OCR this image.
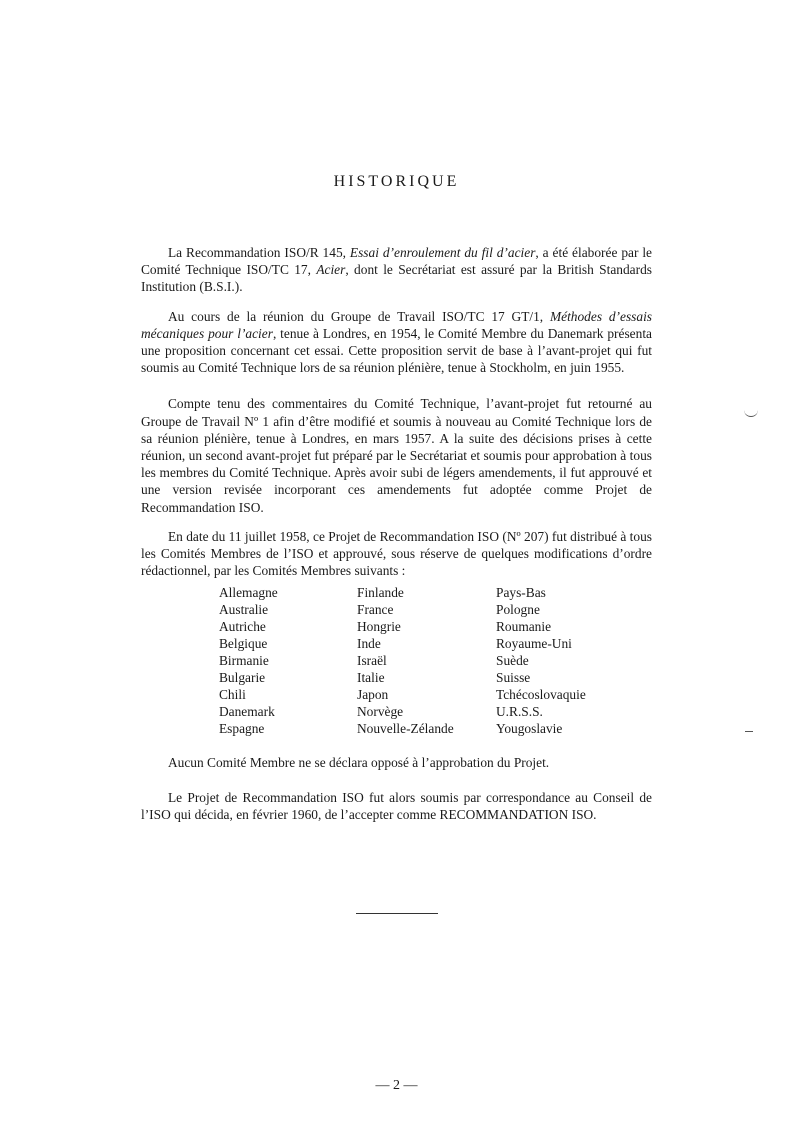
HISTORIQUE

La Recommandation ISO/R 145, Essai d’enroulement du fil d’acier, a été élaborée par le Comité Technique ISO/TC 17, Acier, dont le Secrétariat est assuré par la British Standards Institution (B.S.I.).

Au cours de la réunion du Groupe de Travail ISO/TC 17 GT/1, Méthodes d’essais mécaniques pour l’acier, tenue à Londres, en 1954, le Comité Membre du Danemark présenta une proposition concernant cet essai. Cette proposition servit de base à l’avant-projet qui fut soumis au Comité Technique lors de sa réunion plénière, tenue à Stockholm, en juin 1955.

Compte tenu des commentaires du Comité Technique, l’avant-projet fut retourné au Groupe de Travail Nº 1 afin d’être modifié et soumis à nouveau au Comité Technique lors de sa réunion plénière, tenue à Londres, en mars 1957. A la suite des décisions prises à cette réunion, un second avant-projet fut préparé par le Secrétariat et soumis pour approbation à tous les membres du Comité Technique. Après avoir subi de légers amendements, il fut approuvé et une version revisée incorporant ces amendements fut adoptée comme Projet de Recommandation ISO.

En date du 11 juillet 1958, ce Projet de Recommandation ISO (Nº 207) fut distribué à tous les Comités Membres de l’ISO et approuvé, sous réserve de quelques modifications d’ordre rédactionnel, par les Comités Membres suivants :

Allemagne
Australie
Autriche
Belgique
Birmanie
Bulgarie
Chili
Danemark
Espagne
Finlande
France
Hongrie
Inde
Israël
Italie
Japon
Norvège
Nouvelle-Zélande
Pays-Bas
Pologne
Roumanie
Royaume-Uni
Suède
Suisse
Tchécoslovaquie
U.R.S.S.
Yougoslavie

Aucun Comité Membre ne se déclara opposé à l’approbation du Projet.

Le Projet de Recommandation ISO fut alors soumis par correspondance au Conseil de l’ISO qui décida, en février 1960, de l’accepter comme RECOMMANDATION ISO.

— 2 —
